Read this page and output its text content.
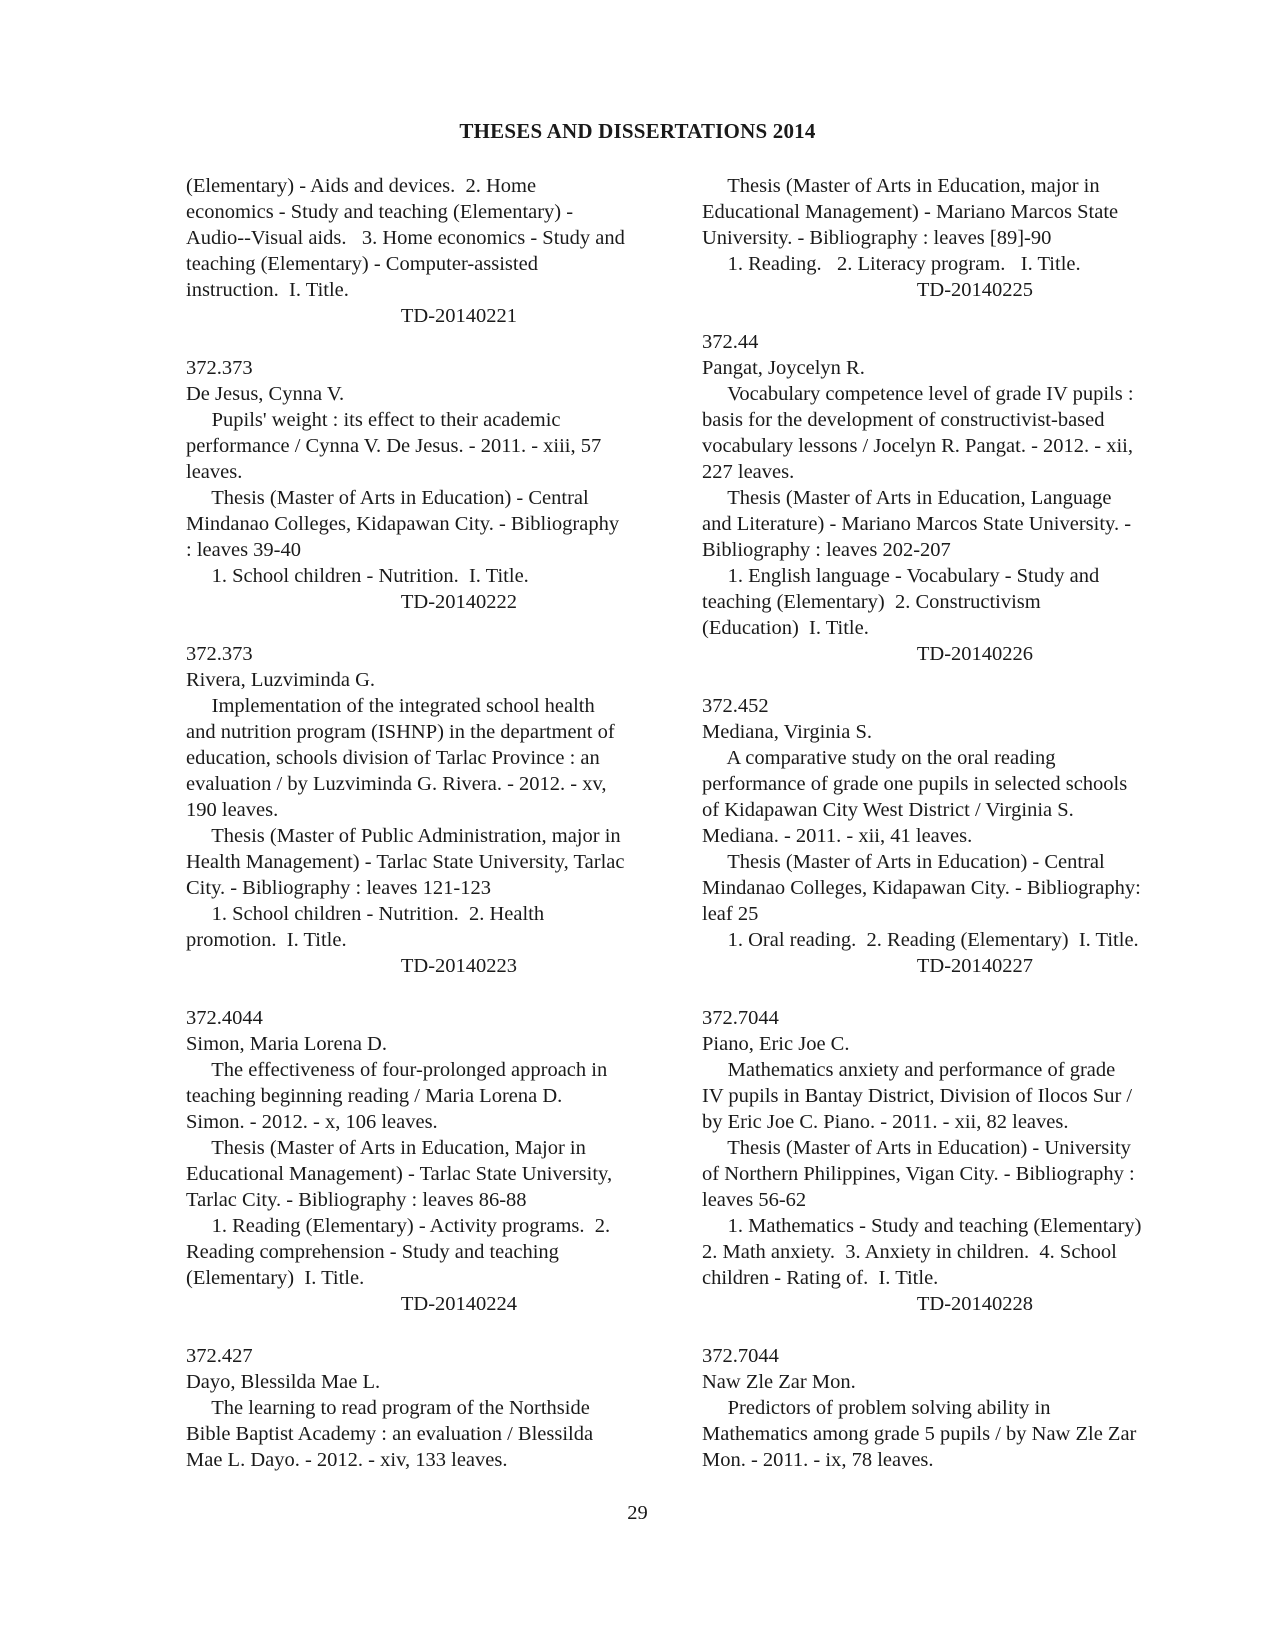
THESES AND DISSERTATIONS 2014
(Elementary) - Aids and devices.  2. Home
economics - Study and teaching (Elementary) -
Audio--Visual aids.   3. Home economics - Study and
teaching (Elementary) - Computer-assisted
instruction.  I. Title.
TD-20140221
372.373
De Jesus, Cynna V.
Pupils' weight : its effect to their academic
performance / Cynna V. De Jesus. - 2011. - xiii, 57
leaves.
Thesis (Master of Arts in Education) - Central
Mindanao Colleges, Kidapawan City. - Bibliography
: leaves 39-40
1. School children - Nutrition.  I. Title.
TD-20140222
372.373
Rivera, Luzviminda G.
Implementation of the integrated school health
and nutrition program (ISHNP) in the department of
education, schools division of Tarlac Province : an
evaluation / by Luzviminda G. Rivera. - 2012. - xv,
190 leaves.
Thesis (Master of Public Administration, major in
Health Management) - Tarlac State University, Tarlac
City. - Bibliography : leaves 121-123
1. School children - Nutrition.  2. Health
promotion.  I. Title.
TD-20140223
372.4044
Simon, Maria Lorena D.
The effectiveness of four-prolonged approach in
teaching beginning reading / Maria Lorena D.
Simon. - 2012. - x, 106 leaves.
Thesis (Master of Arts in Education, Major in
Educational Management) - Tarlac State University,
Tarlac City. - Bibliography : leaves 86-88
1. Reading (Elementary) - Activity programs.  2.
Reading comprehension - Study and teaching
(Elementary)  I. Title.
TD-20140224
372.427
Dayo, Blessilda Mae L.
The learning to read program of the Northside
Bible Baptist Academy : an evaluation / Blessilda
Mae L. Dayo. - 2012. - xiv, 133 leaves.
Thesis (Master of Arts in Education, major in
Educational Management) - Mariano Marcos State
University. - Bibliography : leaves [89]-90
1. Reading.   2. Literacy program.   I. Title.
TD-20140225
372.44
Pangat, Joycelyn R.
Vocabulary competence level of grade IV pupils :
basis for the development of constructivist-based
vocabulary lessons / Jocelyn R. Pangat. - 2012. - xii,
227 leaves.
Thesis (Master of Arts in Education, Language
and Literature) - Mariano Marcos State University. -
Bibliography : leaves 202-207
1. English language - Vocabulary - Study and
teaching (Elementary)  2. Constructivism
(Education)  I. Title.
TD-20140226
372.452
Mediana, Virginia S.
A comparative study on the oral reading
performance of grade one pupils in selected schools
of Kidapawan City West District / Virginia S.
Mediana. - 2011. - xii, 41 leaves.
Thesis (Master of Arts in Education) - Central
Mindanao Colleges, Kidapawan City. - Bibliography:
leaf 25
1. Oral reading.  2. Reading (Elementary)  I. Title.
TD-20140227
372.7044
Piano, Eric Joe C.
Mathematics anxiety and performance of grade
IV pupils in Bantay District, Division of Ilocos Sur /
by Eric Joe C. Piano. - 2011. - xii, 82 leaves.
Thesis (Master of Arts in Education) - University
of Northern Philippines, Vigan City. - Bibliography :
leaves 56-62
1. Mathematics - Study and teaching (Elementary)
2. Math anxiety.  3. Anxiety in children.  4. School
children - Rating of.  I. Title.
TD-20140228
372.7044
Naw Zle Zar Mon.
Predictors of problem solving ability in
Mathematics among grade 5 pupils / by Naw Zle Zar
Mon. - 2011. - ix, 78 leaves.
29
